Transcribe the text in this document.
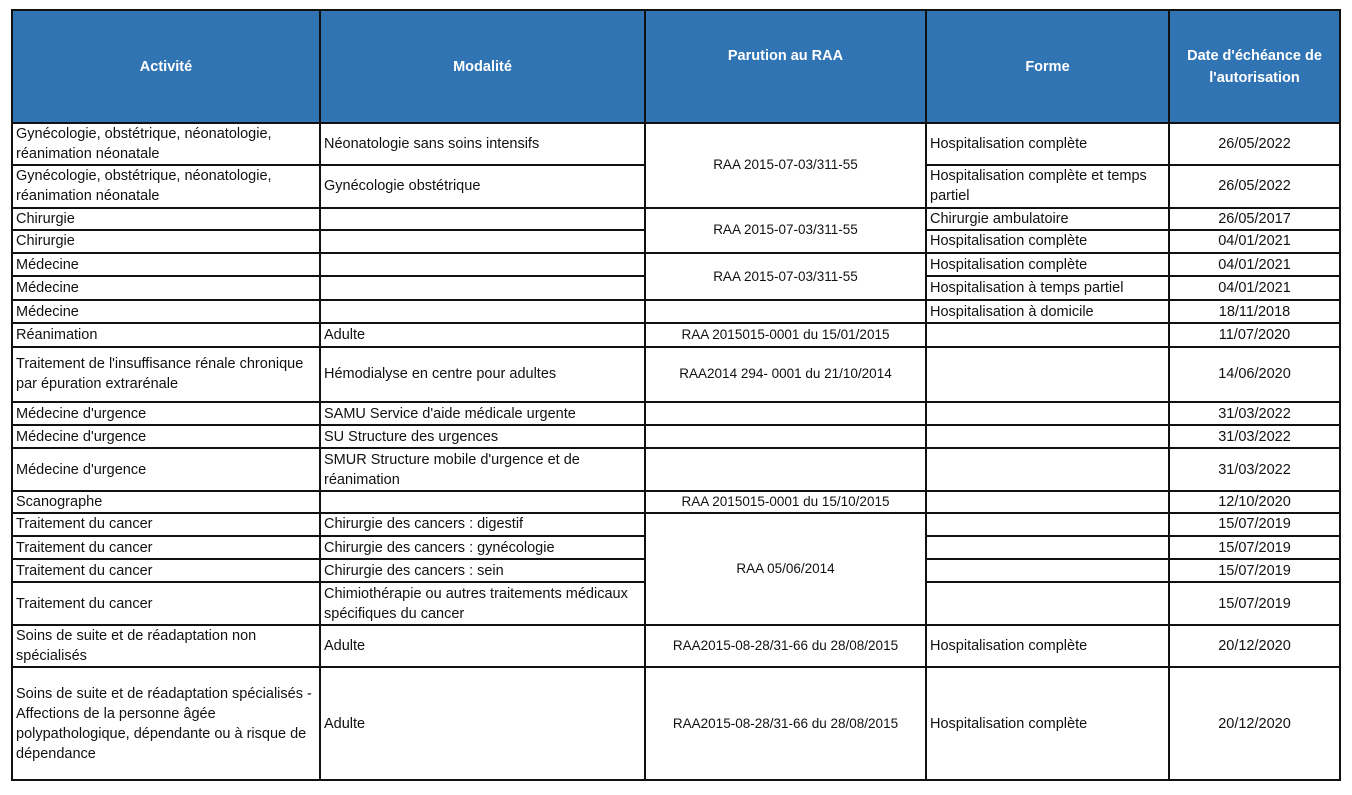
Activité	Modalité	Parution au RAA	Forme	Date d'échéance de l'autorisation
Gynécologie, obstétrique, néonatologie, réanimation néonatale	Néonatologie sans soins intensifs	RAA 2015-07-03/311-55	Hospitalisation complète	26/05/2022
Gynécologie, obstétrique, néonatologie, réanimation néonatale	Gynécologie obstétrique		Hospitalisation complète et temps partiel	26/05/2022
Chirurgie		RAA 2015-07-03/311-55	Chirurgie ambulatoire	26/05/2017
Chirurgie			Hospitalisation complète	04/01/2021
Médecine		RAA 2015-07-03/311-55	Hospitalisation complète	04/01/2021
Médecine			Hospitalisation à temps partiel	04/01/2021
Médecine			Hospitalisation à domicile	18/11/2018
Réanimation	Adulte	RAA 2015015-0001 du 15/01/2015		11/07/2020
Traitement de l'insuffisance rénale chronique par épuration extrarénale	Hémodialyse en centre pour adultes	RAA2014 294- 0001 du 21/10/2014		14/06/2020
Médecine d'urgence	SAMU Service d'aide médicale urgente			31/03/2022
Médecine d'urgence	SU Structure des urgences			31/03/2022
Médecine d'urgence	SMUR Structure mobile d'urgence et de réanimation			31/03/2022
Scanographe		RAA 2015015-0001 du 15/10/2015		12/10/2020
Traitement du cancer	Chirurgie des cancers : digestif	RAA 05/06/2014		15/07/2019
Traitement du cancer	Chirurgie des cancers : gynécologie			15/07/2019
Traitement du cancer	Chirurgie des cancers : sein			15/07/2019
Traitement du cancer	Chimiothérapie ou autres traitements médicaux spécifiques du cancer			15/07/2019
Soins de suite et de réadaptation non spécialisés	Adulte	RAA2015-08-28/31-66 du 28/08/2015	Hospitalisation complète	20/12/2020
Soins de suite et de réadaptation spécialisés - Affections de la personne âgée polypathologique, dépendante ou à risque de dépendance	Adulte	RAA2015-08-28/31-66 du 28/08/2015	Hospitalisation complète	20/12/2020
